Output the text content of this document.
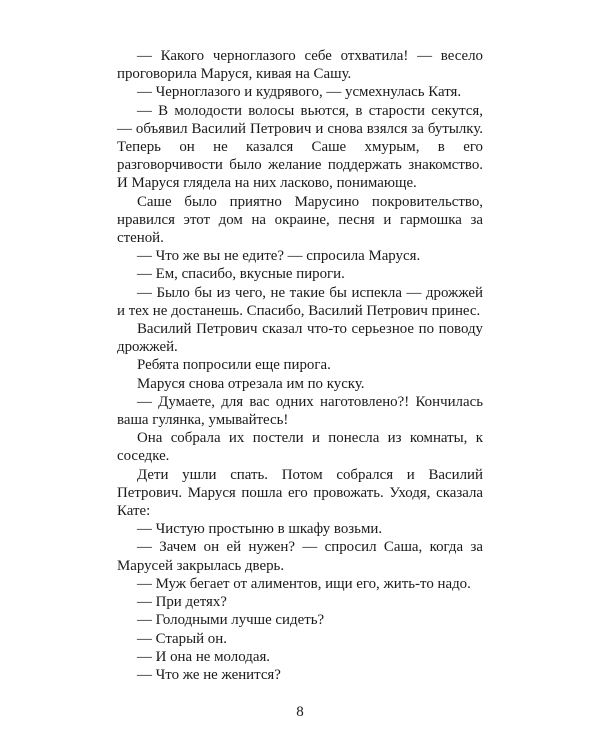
— Какого черноглазого себе отхватила! — весело проговорила Маруся, кивая на Сашу.

— Черноглазого и кудрявого, — усмехнулась Катя.

— В молодости волосы вьются, в старости секутся, — объявил Василий Петрович и снова взялся за бутылку. Теперь он не казался Саше хмурым, в его разговорчивости было желание поддержать знакомство. И Маруся глядела на них ласково, понимающе.

Саше было приятно Марусино покровительство, нравился этот дом на окраине, песня и гармошка за стеной.

— Что же вы не едите? — спросила Маруся.

— Ем, спасибо, вкусные пироги.

— Было бы из чего, не такие бы испекла — дрожжей и тех не достанешь. Спасибо, Василий Петрович принес.

Василий Петрович сказал что-то серьезное по поводу дрожжей.

Ребята попросили еще пирога.

Маруся снова отрезала им по куску.

— Думаете, для вас одних наготовлено?! Кончилась ваша гулянка, умывайтесь!

Она собрала их постели и понесла из комнаты, к соседке.

Дети ушли спать. Потом собрался и Василий Петрович. Маруся пошла его провожать. Уходя, сказала Кате:

— Чистую простыню в шкафу возьми.

— Зачем он ей нужен? — спросил Саша, когда за Марусей закрылась дверь.

— Муж бегает от алиментов, ищи его, жить-то надо.

— При детях?

— Голодными лучше сидеть?

— Старый он.

— И она не молодая.

— Что же не женится?

8
